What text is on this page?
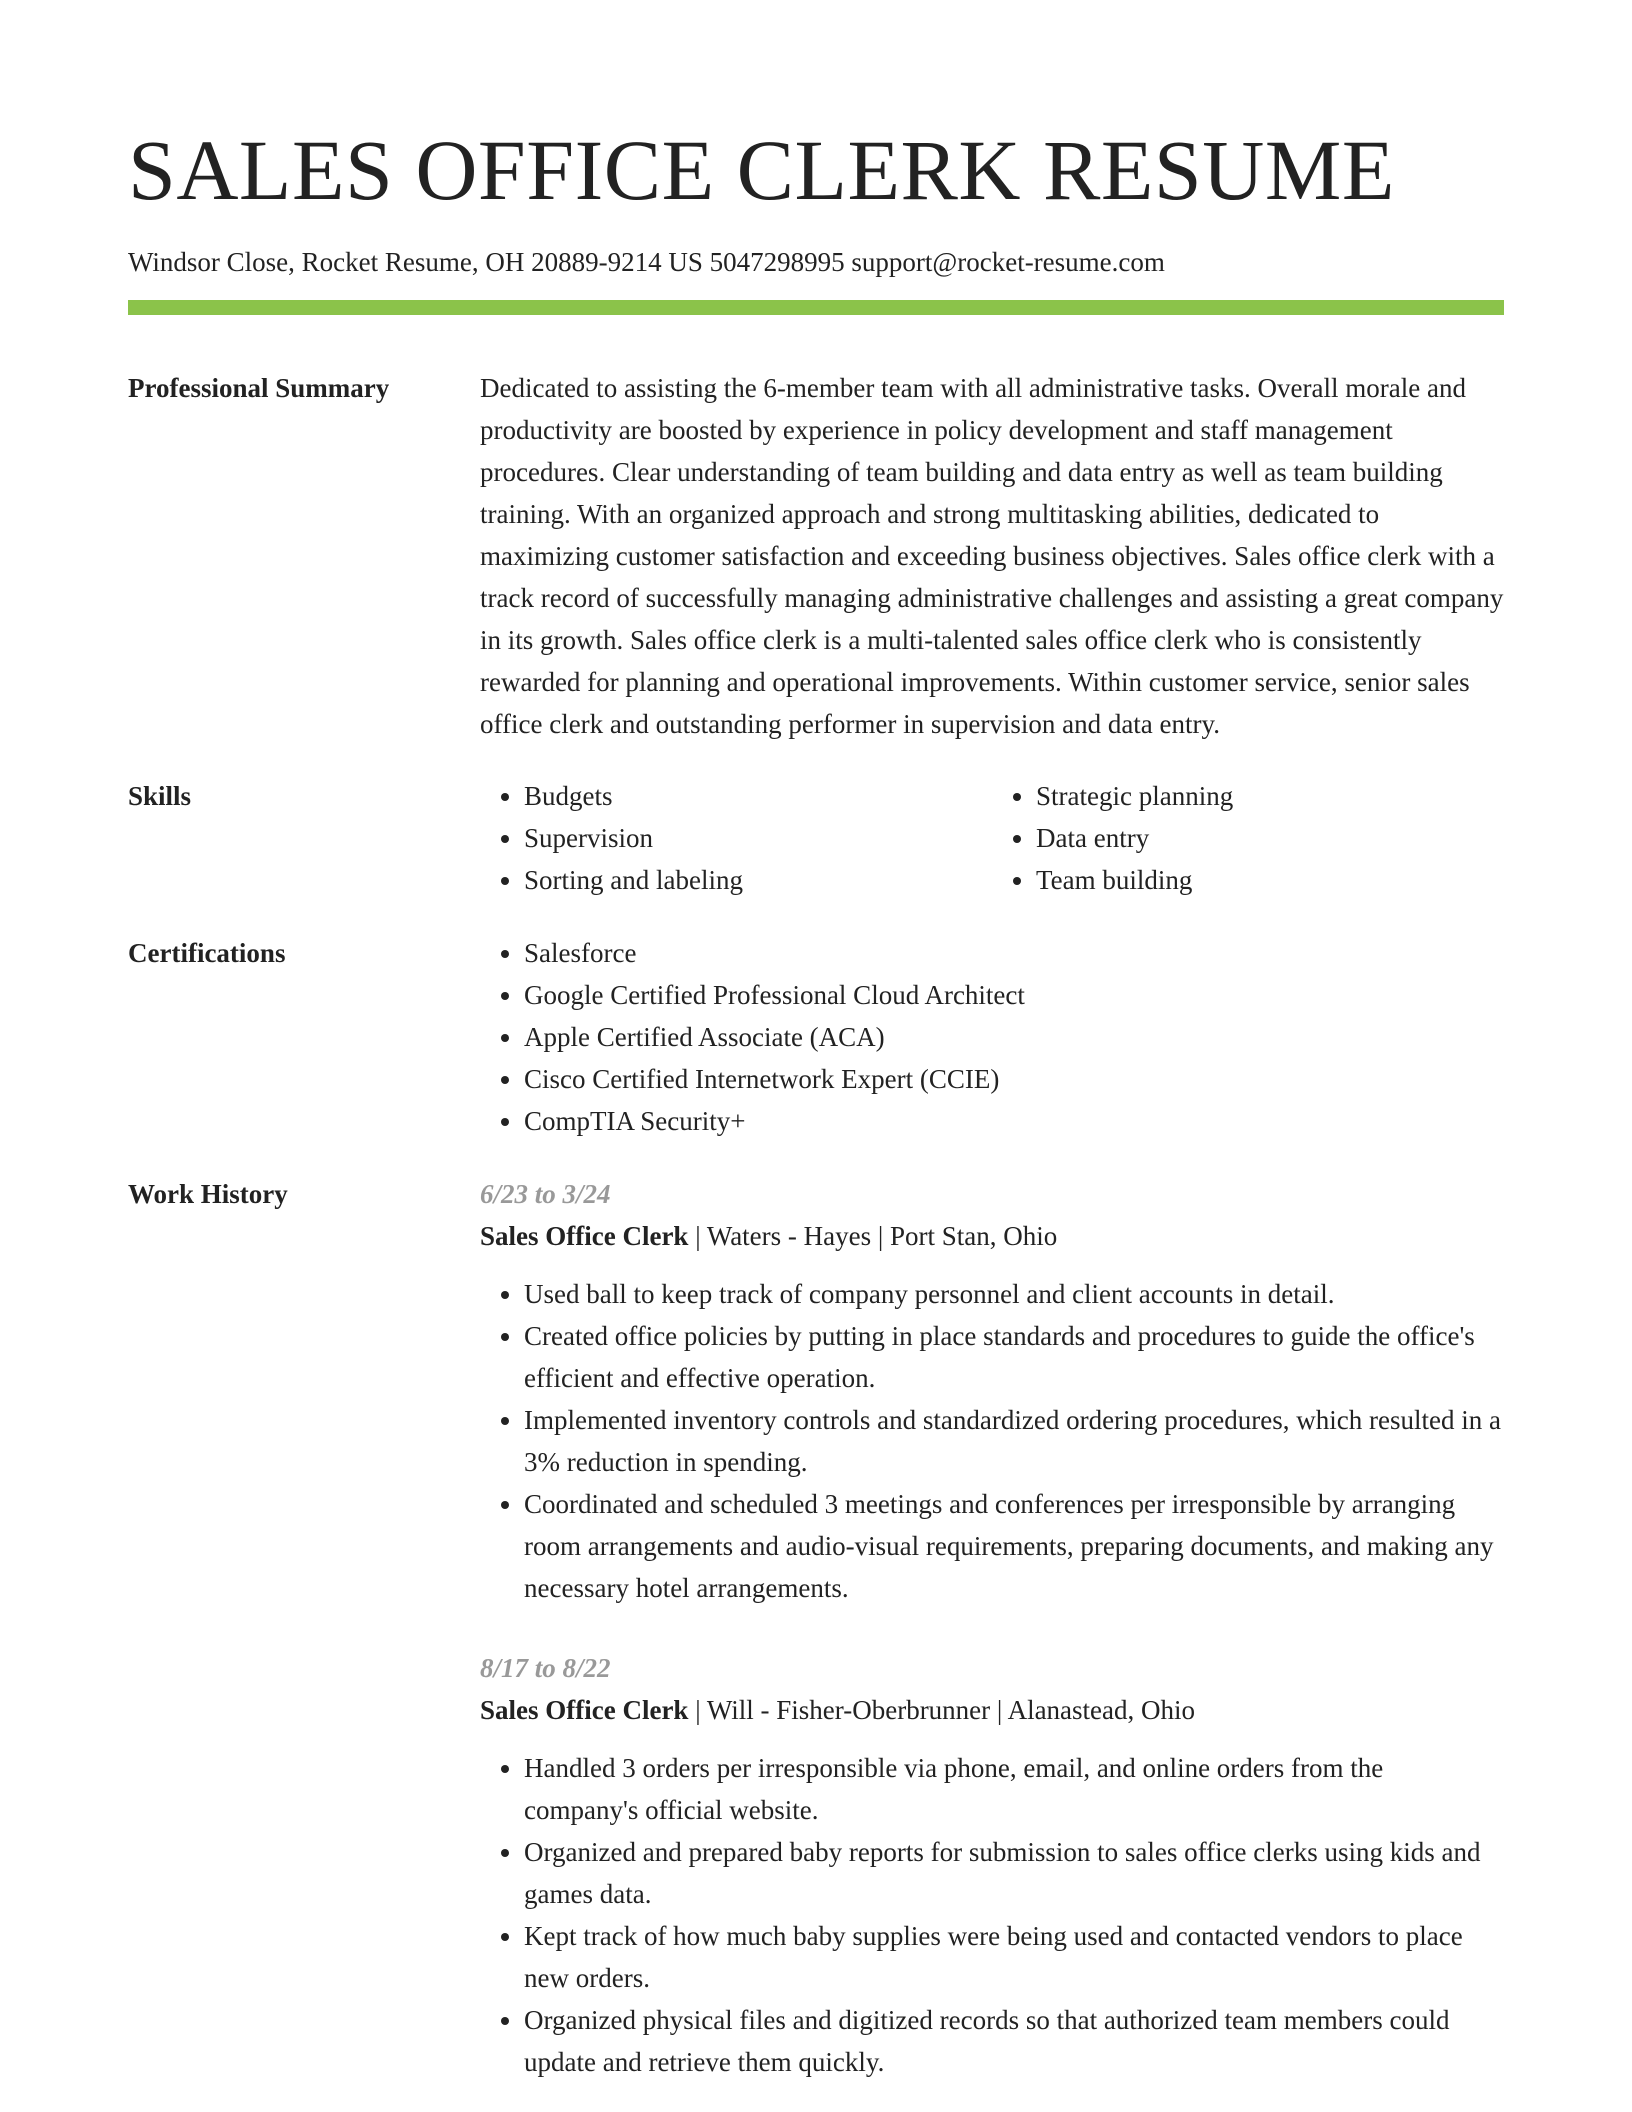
SALES OFFICE CLERK RESUME
Windsor Close, Rocket Resume, OH 20889-9214 US 5047298995 support@rocket-resume.com
Professional Summary	Dedicated to assisting the 6-member team with all administrative tasks. Overall morale and productivity are boosted by experience in policy development and staff management procedures. Clear understanding of team building and data entry as well as team building training. With an organized approach and strong multitasking abilities, dedicated to maximizing customer satisfaction and exceeding business objectives. Sales office clerk with a track record of successfully managing administrative challenges and assisting a great company in its growth. Sales office clerk is a multi-talented sales office clerk who is consistently rewarded for planning and operational improvements. Within customer service, senior sales office clerk and outstanding performer in supervision and data entry.

Skills	• Budgets
• Supervision
• Sorting and labeling
• Strategic planning
• Data entry
• Team building
Certifications	• Salesforce
• Google Certified Professional Cloud Architect
• Apple Certified Associate (ACA)
• Cisco Certified Internetwork Expert (CCIE)
• CompTIA Security+
Work History	6/23 to 3/24
Sales Office Clerk | Waters - Hayes | Port Stan, Ohio
• Used ball to keep track of company personnel and client accounts in detail.
• Created office policies by putting in place standards and procedures to guide the office's efficient and effective operation.
• Implemented inventory controls and standardized ordering procedures, which resulted in a 3% reduction in spending.
• Coordinated and scheduled 3 meetings and conferences per irresponsible by arranging room arrangements and audio-visual requirements, preparing documents, and making any necessary hotel arrangements.
8/17 to 8/22
Sales Office Clerk | Will - Fisher-Oberbrunner | Alanastead, Ohio
• Handled 3 orders per irresponsible via phone, email, and online orders from the company's official website.
• Organized and prepared baby reports for submission to sales office clerks using kids and games data.
• Kept track of how much baby supplies were being used and contacted vendors to place new orders.
• Organized physical files and digitized records so that authorized team members could update and retrieve them quickly.
